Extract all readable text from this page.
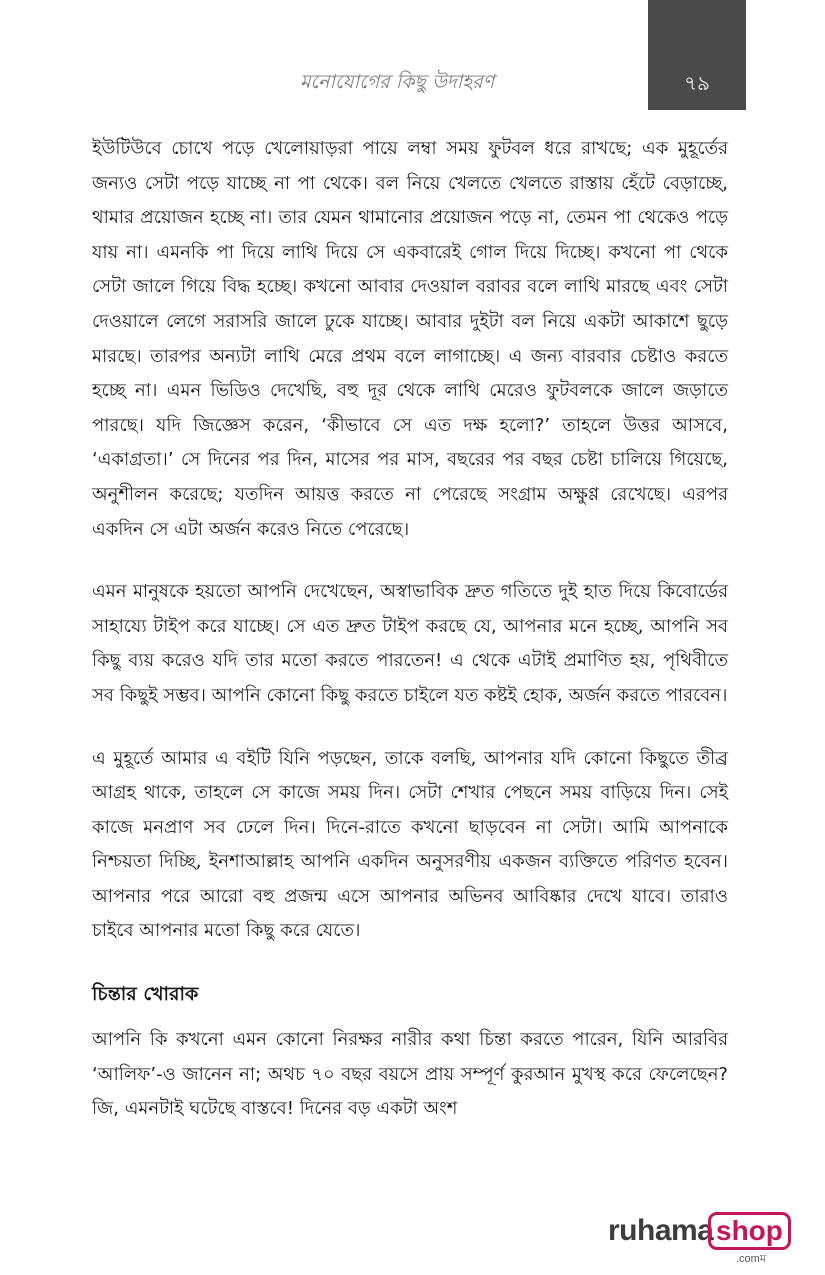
মনোযোগের কিছু উদাহরণ	৭৯

ইউটিউবে চোখে পড়ে খেলোয়াড়রা পায়ে লম্বা সময় ফুটবল ধরে রাখছে; এক মুহূর্তের জন্যও সেটা পড়ে যাচ্ছে না পা থেকে। বল নিয়ে খেলতে খেলতে রাস্তায় হেঁটে বেড়াচ্ছে, থামার প্রয়োজন হচ্ছে না। তার যেমন থামানোর প্রয়োজন পড়ে না, তেমন পা থেকেও পড়ে যায় না। এমনকি পা দিয়ে লাথি দিয়ে সে একবারেই গোল দিয়ে দিচ্ছে। কখনো পা থেকে সেটা জালে গিয়ে বিদ্ধ হচ্ছে। কখনো আবার দেওয়াল বরাবর বলে লাথি মারছে এবং সেটা দেওয়ালে লেগে সরাসরি জালে ঢুকে যাচ্ছে। আবার দুইটা বল নিয়ে একটা আকাশে ছুড়ে মারছে। তারপর অন্যটা লাথি মেরে প্রথম বলে লাগাচ্ছে। এ জন্য বারবার চেষ্টাও করতে হচ্ছে না। এমন ভিডিও দেখেছি, বহু দূর থেকে লাথি মেরেও ফুটবলকে জালে জড়াতে পারছে। যদি জিজ্ঞেস করেন, ‘কীভাবে সে এত দক্ষ হলো?’ তাহলে উত্তর আসবে, ‘একাগ্রতা।’ সে দিনের পর দিন, মাসের পর মাস, বছরের পর বছর চেষ্টা চালিয়ে গিয়েছে, অনুশীলন করেছে; যতদিন আয়ত্ত করতে না পেরেছে সংগ্রাম অক্ষুণ্ণ রেখেছে। এরপর একদিন সে এটা অর্জন করেও নিতে পেরেছে।

এমন মানুষকে হয়তো আপনি দেখেছেন, অস্বাভাবিক দ্রুত গতিতে দুই হাত দিয়ে কিবোর্ডের সাহায্যে টাইপ করে যাচ্ছে। সে এত দ্রুত টাইপ করছে যে, আপনার মনে হচ্ছে, আপনি সব কিছু ব্যয় করেও যদি তার মতো করতে পারতেন! এ থেকে এটাই প্রমাণিত হয়, পৃথিবীতে সব কিছুই সম্ভব। আপনি কোনো কিছু করতে চাইলে যত কষ্টই হোক, অর্জন করতে পারবেন।

এ মুহূর্তে আমার এ বইটি যিনি পড়ছেন, তাকে বলছি, আপনার যদি কোনো কিছুতে তীব্র আগ্রহ থাকে, তাহলে সে কাজে সময় দিন। সেটা শেখার পেছনে সময় বাড়িয়ে দিন। সেই কাজে মনপ্রাণ সব ঢেলে দিন। দিনে-রাতে কখনো ছাড়বেন না সেটা। আমি আপনাকে নিশ্চয়তা দিচ্ছি, ইনশাআল্লাহ আপনি একদিন অনুসরণীয় একজন ব্যক্তিতে পরিণত হবেন। আপনার পরে আরো বহু প্রজন্ম এসে আপনার অভিনব আবিষ্কার দেখে যাবে। তারাও চাইবে আপনার মতো কিছু করে যেতে।

চিন্তার খোরাক

আপনি কি কখনো এমন কোনো নিরক্ষর নারীর কথা চিন্তা করতে পারেন, যিনি আরবির ‘আলিফ’-ও জানেন না; অথচ ৭০ বছর বয়সে প্রায় সম্পূর্ণ কুরআন মুখস্থ করে ফেলেছেন? জি, এমনটাই ঘটেছে বাস্তবে! দিনের বড় একটা অংশ

ruhama shop
.comম
